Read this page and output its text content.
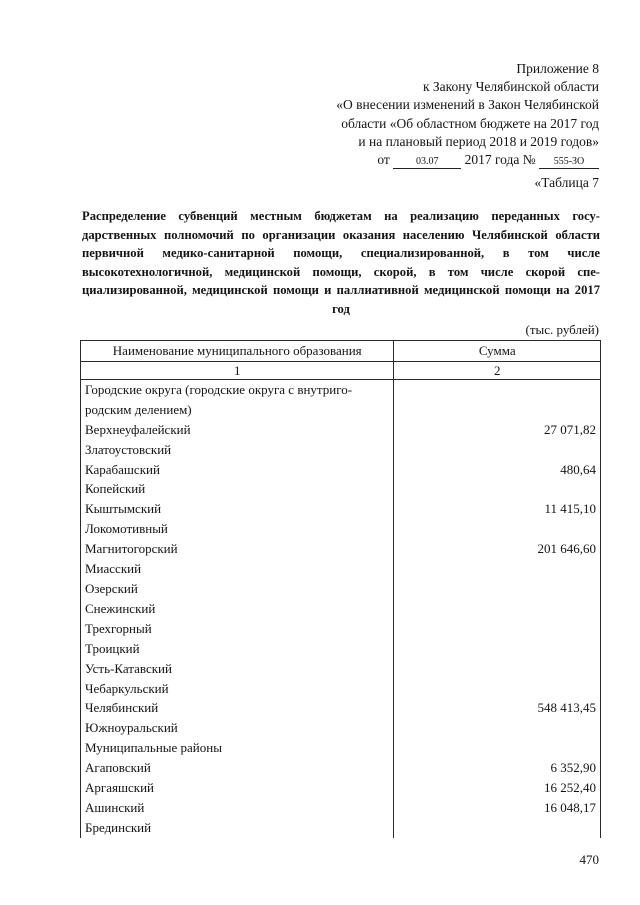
Приложение 8
к Закону Челябинской области
«О внесении изменений в Закон Челябинской
области «Об областном бюджете на 2017 год
и на плановый период 2018 и 2019 годов»
от	03.07 2017 года № 555-ЗО
«Таблица 7
Распределение субвенций местным бюджетам на реализацию переданных государственных полномочий по организации оказания населению Челябинской области первичной медико-санитарной помощи, специализированной, в том числе высокотехнологичной, медицинской помощи, скорой, в том числе скорой специализированной, медицинской помощи и паллиативной медицинской помощи на 2017 год
(тыс. рублей)
Наименование муниципального образования	Сумма
1	2
Городские округа (городские округа с внутригородским делением)	
Верхнеуфалейский	27 071,82
Златоустовский	
Карабашский	480,64
Копейский	
Кыштымский	11 415,10
Локомотивный	
Магнитогорский	201 646,60
Миасский	
Озерский	
Снежинский	
Трехгорный	
Троицкий	
Усть-Катавский	
Чебаркульский	
Челябинский	548 413,45
Южноуральский	
Муниципальные районы	
Агаповский	6 352,90
Аргаяшский	16 252,40
Ашинский	16 048,17
Брединский	
470
